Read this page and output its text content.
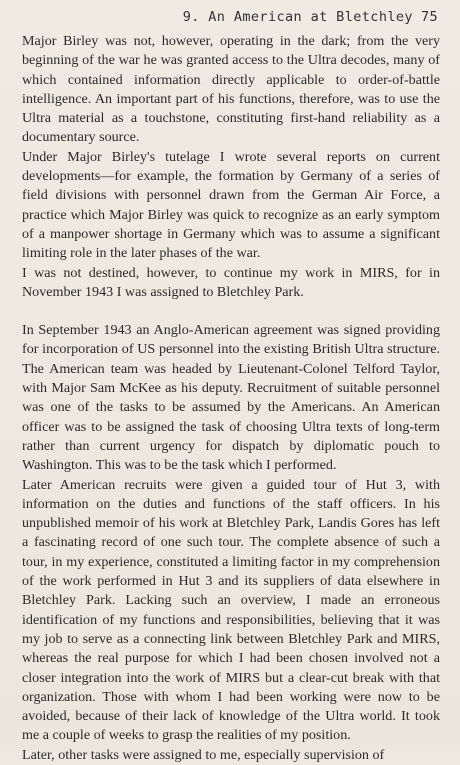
9. An American at Bletchley 75

Major Birley was not, however, operating in the dark; from the very beginning of the war he was granted access to the Ultra decodes, many of which contained information directly applicable to order-of-battle intelligence. An important part of his functions, therefore, was to use the Ultra material as a touchstone, constituting first-hand reliability as a documentary source.

Under Major Birley's tutelage I wrote several reports on current developments—for example, the formation by Germany of a series of field divisions with personnel drawn from the German Air Force, a practice which Major Birley was quick to recognize as an early symptom of a manpower shortage in Germany which was to assume a significant limiting role in the later phases of the war.

I was not destined, however, to continue my work in MIRS, for in November 1943 I was assigned to Bletchley Park.

In September 1943 an Anglo-American agreement was signed providing for incorporation of US personnel into the existing British Ultra structure. The American team was headed by Lieutenant-Colonel Telford Taylor, with Major Sam McKee as his deputy. Recruitment of suitable personnel was one of the tasks to be assumed by the Americans. An American officer was to be assigned the task of choosing Ultra texts of long-term rather than current urgency for dispatch by diplomatic pouch to Washington. This was to be the task which I performed.

Later American recruits were given a guided tour of Hut 3, with information on the duties and functions of the staff officers. In his unpublished memoir of his work at Bletchley Park, Landis Gores has left a fascinating record of one such tour. The complete absence of such a tour, in my experience, constituted a limiting factor in my comprehension of the work performed in Hut 3 and its suppliers of data elsewhere in Bletchley Park. Lacking such an overview, I made an erroneous identification of my functions and responsibilities, believing that it was my job to serve as a connecting link between Bletchley Park and MIRS, whereas the real purpose for which I had been chosen involved not a closer integration into the work of MIRS but a clear-cut break with that organization. Those with whom I had been working were now to be avoided, because of their lack of knowledge of the Ultra world. It took me a couple of weeks to grasp the realities of my position.

Later, other tasks were assigned to me, especially supervision of
